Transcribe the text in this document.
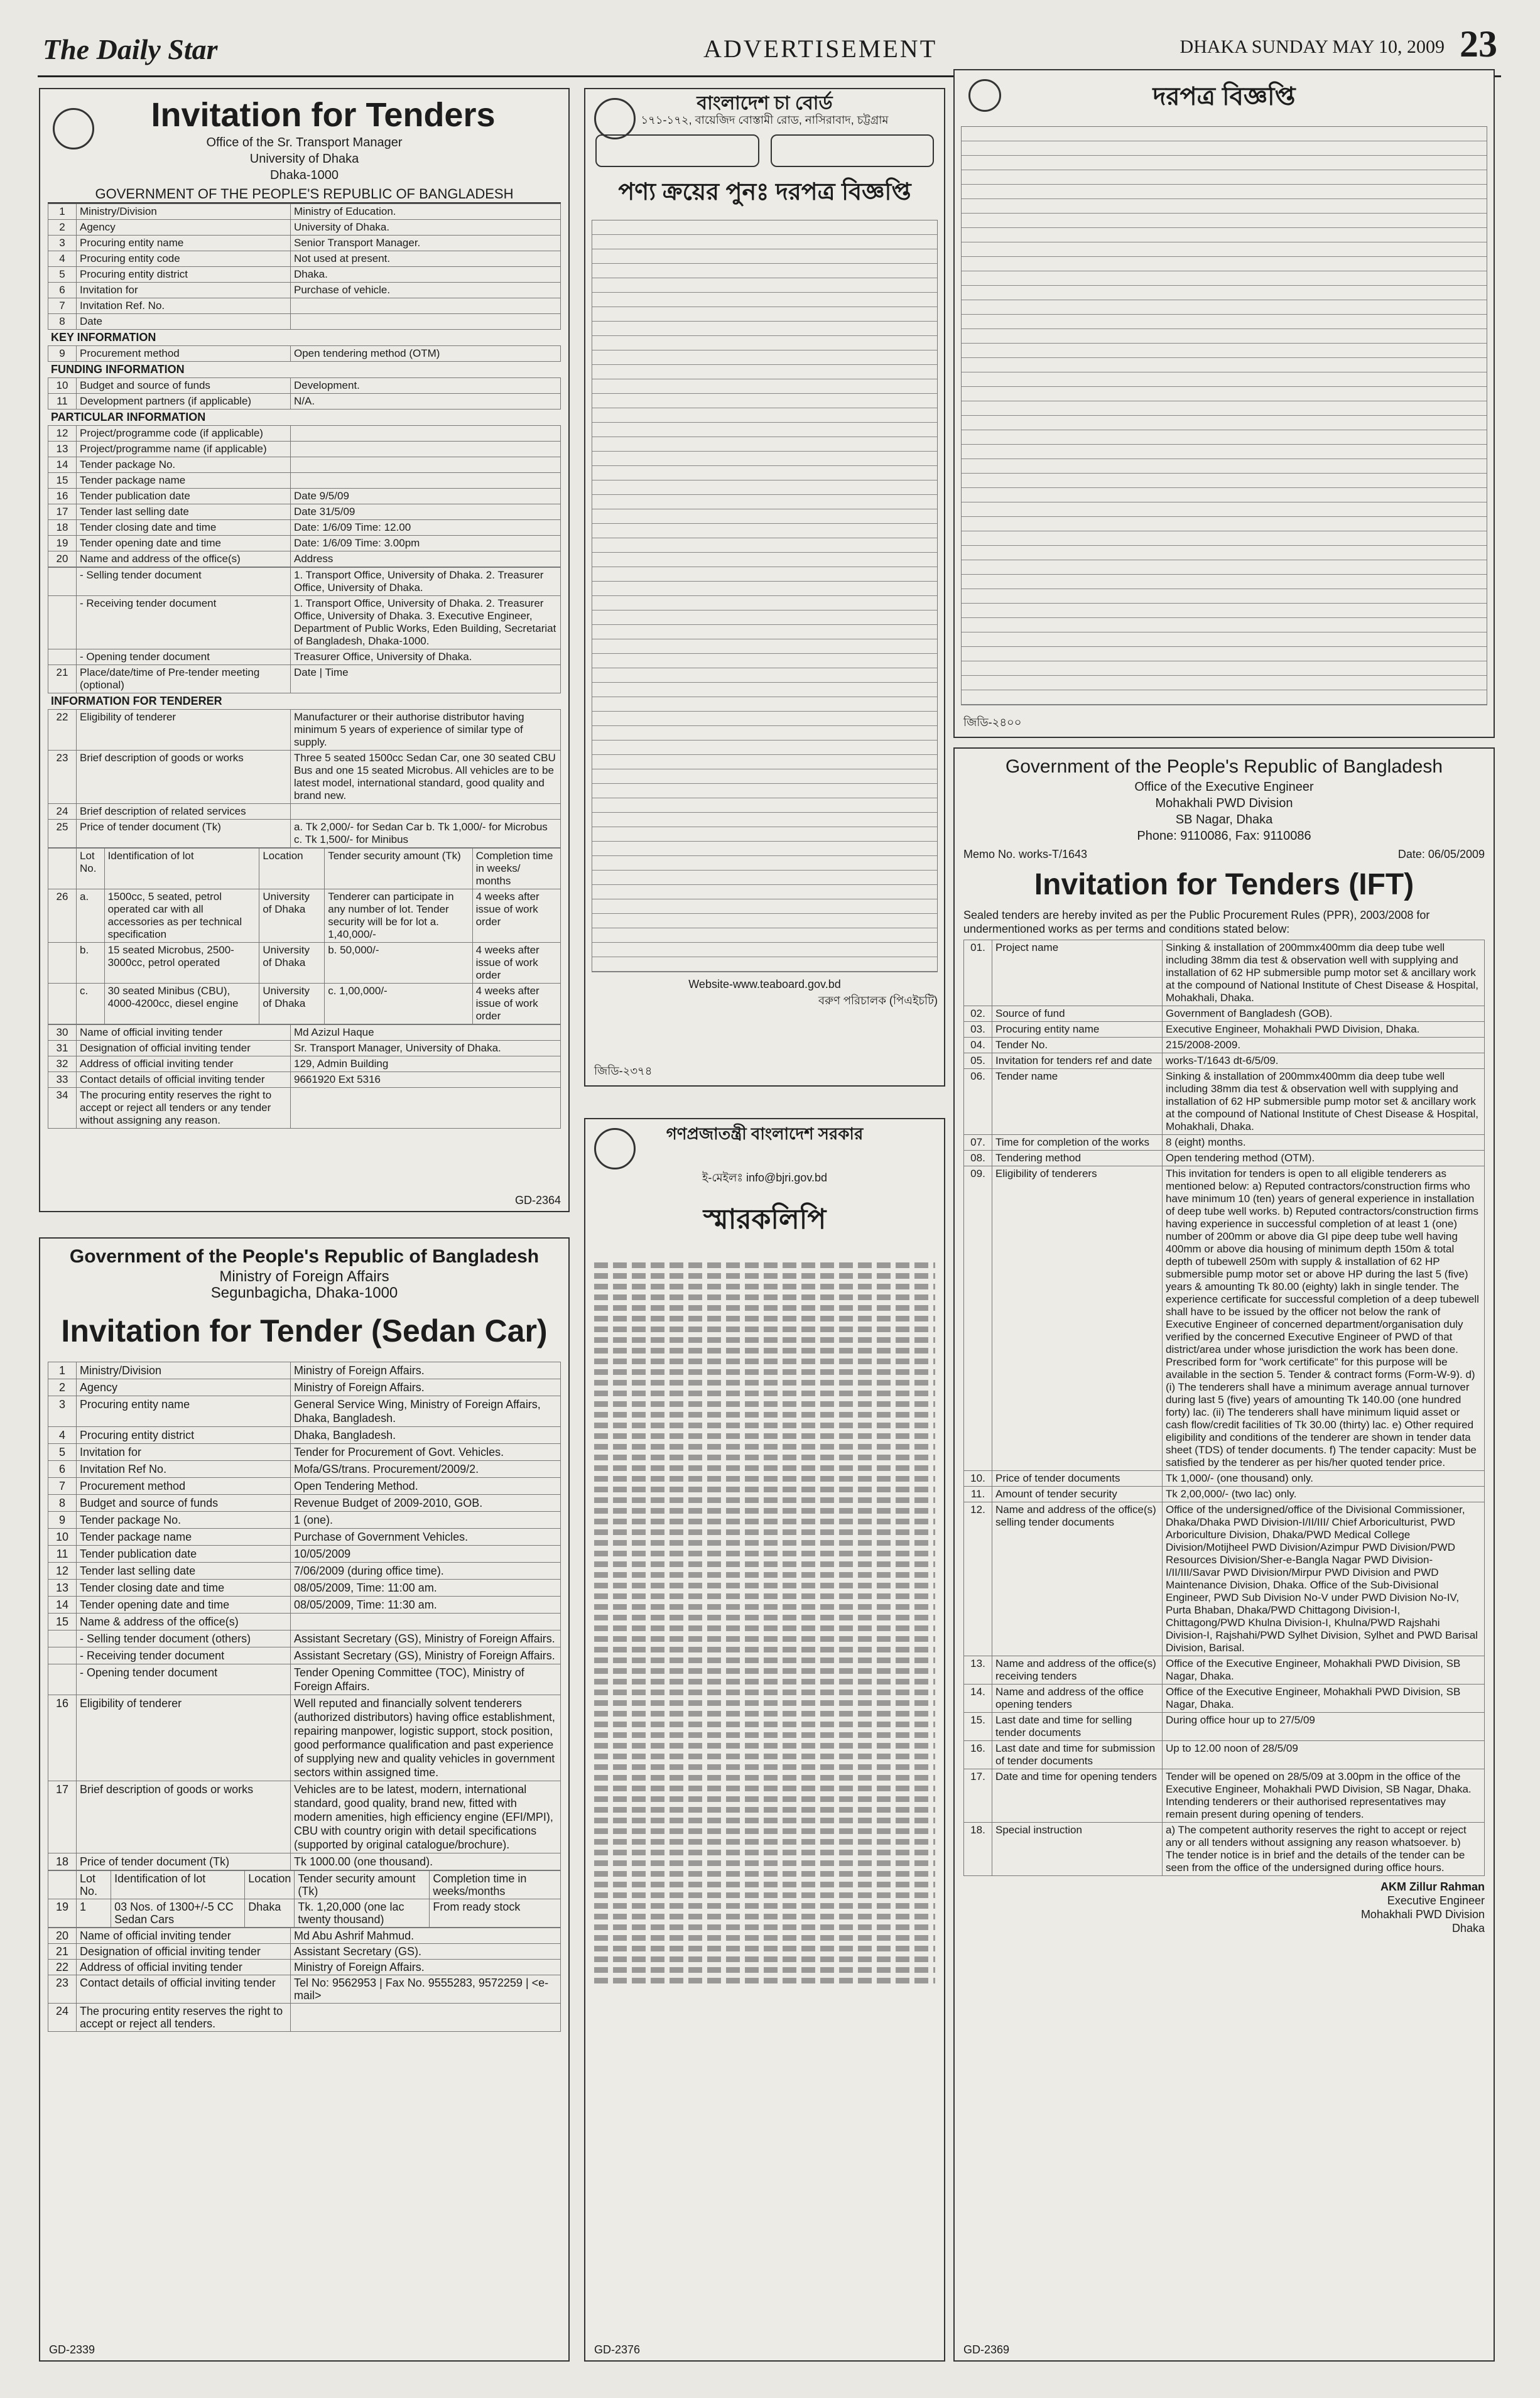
The Daily Star	ADVERTISEMENT	DHAKA SUNDAY MAY 10, 2009 23
Invitation for Tenders
Office of the Sr. Transport Manager
University of Dhaka
Dhaka-1000
GOVERNMENT OF THE PEOPLE'S REPUBLIC OF BANGLADESH
1	Ministry/Division	Ministry of Education.
2	Agency	University of Dhaka.
3	Procuring entity name	Senior Transport Manager.
4	Procuring entity code	Not used at present.
5	Procuring entity district	Dhaka.
6	Invitation for	Purchase of vehicle.
7	Invitation Ref. No.	
8	Date	
KEY INFORMATION
9	Procurement method	Open tendering method (OTM)
FUNDING INFORMATION
10	Budget and source of funds	Development.
11	Development partners (if applicable)	N/A.
PARTICULAR INFORMATION
12	Project/programme code (if applicable)	
13	Project/programme name (if applicable)	
14	Tender package No.	
15	Tender package name	
16	Tender publication date	Date 9/5/09
17	Tender last selling date	Date 31/5/09
18	Tender closing date and time	Date: 1/6/09 Time: 12.00
19	Tender opening date and time	Date: 1/6/09 Time: 3.00pm
20	Name and address of the office(s)	Address
	- Selling tender document	1. Transport Office, University of Dhaka. 2. Treasurer Office, University of Dhaka.
	- Receiving tender document	1. Transport Office, University of Dhaka. 2. Treasurer Office, University of Dhaka. 3. Executive Engineer, Department of Public Works, Eden Building, Secretariat of Bangladesh, Dhaka-1000.
	- Opening tender document	Treasurer Office, University of Dhaka.
21	Place/date/time of Pre-tender meeting (optional)	Date | Time
INFORMATION FOR TENDERER
22	Eligibility of tenderer	Manufacturer or their authorise distributor having minimum 5 years of experience of similar type of supply.
23	Brief description of goods or works	Three 5 seated 1500cc Sedan Car, one 30 seated CBU Bus and one 15 seated Microbus. All vehicles are to be latest model, international standard, good quality and brand new.
24	Brief description of related services	
25	Price of tender document (Tk)	a. Tk 2,000/- for Sedan Car b. Tk 1,000/- for Microbus c. Tk 1,500/- for Minibus
	Lot No.	Identification of lot	Location	Tender security amount (Tk)	Completion time in weeks/ months
26	a.	1500cc, 5 seated, petrol operated car with all accessories as per technical specification	University of Dhaka	Tenderer can participate in any number of lot. Tender security will be for lot a. 1,40,000/-	4 weeks after issue of work order
	b.	15 seated Microbus, 2500-3000cc, petrol operated	University of Dhaka	b. 50,000/-	4 weeks after issue of work order
	c.	30 seated Minibus (CBU), 4000-4200cc, diesel engine	University of Dhaka	c. 1,00,000/-	4 weeks after issue of work order
30	Name of official inviting tender	Md Azizul Haque
31	Designation of official inviting tender	Sr. Transport Manager, University of Dhaka.
32	Address of official inviting tender	129, Admin Building
33	Contact details of official inviting tender	9661920 Ext 5316
34	The procuring entity reserves the right to accept or reject all tenders or any tender without assigning any reason.	
GD-2364
Government of the People's Republic of Bangladesh
Ministry of Foreign Affairs
Segunbagicha, Dhaka-1000
Invitation for Tender (Sedan Car)
1	Ministry/Division	Ministry of Foreign Affairs.
2	Agency	Ministry of Foreign Affairs.
3	Procuring entity name	General Service Wing, Ministry of Foreign Affairs, Dhaka, Bangladesh.
4	Procuring entity district	Dhaka, Bangladesh.
5	Invitation for	Tender for Procurement of Govt. Vehicles.
6	Invitation Ref No.	Mofa/GS/trans. Procurement/2009/2.
7	Procurement method	Open Tendering Method.
8	Budget and source of funds	Revenue Budget of 2009-2010, GOB.
9	Tender package No.	1 (one).
10	Tender package name	Purchase of Government Vehicles.
11	Tender publication date	10/05/2009
12	Tender last selling date	7/06/2009 (during office time).
13	Tender closing date and time	08/05/2009, Time: 11:00 am.
14	Tender opening date and time	08/05/2009, Time: 11:30 am.
15	Name & address of the office(s)	
	- Selling tender document (others)	Assistant Secretary (GS), Ministry of Foreign Affairs.
	- Receiving tender document	Assistant Secretary (GS), Ministry of Foreign Affairs.
	- Opening tender document	Tender Opening Committee (TOC), Ministry of Foreign Affairs.
16	Eligibility of tenderer	Well reputed and financially solvent tenderers (authorized distributors) having office establishment, repairing manpower, logistic support, stock position, good performance qualification and past experience of supplying new and quality vehicles in government sectors within assigned time.
17	Brief description of goods or works	Vehicles are to be latest, modern, international standard, good quality, brand new, fitted with modern amenities, high efficiency engine (EFI/MPI), CBU with country origin with detail specifications (supported by original catalogue/brochure).
18	Price of tender document (Tk)	Tk 1000.00 (one thousand).
	Lot No.	Identification of lot	Location	Tender security amount (Tk)	Completion time in weeks/months
19	1	03 Nos. of 1300+/-5 CC Sedan Cars	Dhaka	Tk. 1,20,000 (one lac twenty thousand)	From ready stock
20	Name of official inviting tender	Md Abu Ashrif Mahmud.
21	Designation of official inviting tender	Assistant Secretary (GS).
22	Address of official inviting tender	Ministry of Foreign Affairs.
23	Contact details of official inviting tender	Tel No: 9562953 | Fax No. 9555283, 9572259 | <e-mail>
24	The procuring entity reserves the right to accept or reject all tenders.	
GD-2339
বাংলাদেশ চা বোর্ড
১৭১-১৭২, বায়েজিদ বোস্তামী রোড, নাসিরাবাদ, চট্টগ্রাম
পণ্য ক্রয়ের পুনঃ দরপত্র বিজ্ঞপ্তি
Website-www.teaboard.gov.bd
বরুণ পরিচালক (পিএইচটি)
জিডি-২৩৭৪
গণপ্রজাতন্ত্রী বাংলাদেশ সরকার
ই-মেইলঃ info@bjri.gov.bd
স্মারকলিপি
GD-2376
দরপত্র বিজ্ঞপ্তি
জিডি-২৪০০
Government of the People's Republic of Bangladesh
Office of the Executive Engineer
Mohakhali PWD Division
SB Nagar, Dhaka
Phone: 9110086, Fax: 9110086
Memo No. works-T/1643	Date: 06/05/2009
Invitation for Tenders (IFT)
Sealed tenders are hereby invited as per the Public Procurement Rules (PPR), 2003/2008 for undermentioned works as per terms and conditions stated below:
01.	Project name	Sinking & installation of 200mmx400mm dia deep tube well including 38mm dia test & observation well with supplying and installation of 62 HP submersible pump motor set & ancillary work at the compound of National Institute of Chest Disease & Hospital, Mohakhali, Dhaka.
02.	Source of fund	Government of Bangladesh (GOB).
03.	Procuring entity name	Executive Engineer, Mohakhali PWD Division, Dhaka.
04.	Tender No.	215/2008-2009.
05.	Invitation for tenders ref and date	works-T/1643 dt-6/5/09.
06.	Tender name	Sinking & installation of 200mmx400mm dia deep tube well including 38mm dia test & observation well with supplying and installation of 62 HP submersible pump motor set & ancillary work at the compound of National Institute of Chest Disease & Hospital, Mohakhali, Dhaka.
07.	Time for completion of the works	8 (eight) months.
08.	Tendering method	Open tendering method (OTM).
09.	Eligibility of tenderers	This invitation for tenders is open to all eligible tenderers as mentioned below: a) Reputed contractors/construction firms who have minimum 10 (ten) years of general experience in installation of deep tube well works. b) Reputed contractors/construction firms having experience in successful completion of at least 1 (one) number of 200mm or above dia GI pipe deep tube well having 400mm or above dia housing of minimum depth 150m & total depth of tubewell 250m with supply & installation of 62 HP submersible pump motor set or above HP during the last 5 (five) years & amounting Tk 80.00 (eighty) lakh in single tender. The experience certificate for successful completion of a deep tubewell shall have to be issued by the officer not below the rank of Executive Engineer of concerned department/organisation duly verified by the concerned Executive Engineer of PWD of that district/area under whose jurisdiction the work has been done. Prescribed form for "work certificate" for this purpose will be available in the section 5. Tender & contract forms (Form-W-9). d) (i) The tenderers shall have a minimum average annual turnover during last 5 (five) years of amounting Tk 140.00 (one hundred forty) lac. (ii) The tenderers shall have minimum liquid asset or cash flow/credit facilities of Tk 30.00 (thirty) lac. e) Other required eligibility and conditions of the tenderer are shown in tender data sheet (TDS) of tender documents. f) The tender capacity: Must be satisfied by the tenderer as per his/her quoted tender price.
10.	Price of tender documents	Tk 1,000/- (one thousand) only.
11.	Amount of tender security	Tk 2,00,000/- (two lac) only.
12.	Name and address of the office(s) selling tender documents	Office of the undersigned/office of the Divisional Commissioner, Dhaka/Dhaka PWD Division-I/II/III/ Chief Arboriculturist, PWD Arboriculture Division, Dhaka/PWD Medical College Division/Motijheel PWD Division/Azimpur PWD Division/PWD Resources Division/Sher-e-Bangla Nagar PWD Division-I/II/III/Savar PWD Division/Mirpur PWD Division and PWD Maintenance Division, Dhaka. Office of the Sub-Divisional Engineer, PWD Sub Division No-V under PWD Division No-IV, Purta Bhaban, Dhaka/PWD Chittagong Division-I, Chittagong/PWD Khulna Division-I, Khulna/PWD Rajshahi Division-I, Rajshahi/PWD Sylhet Division, Sylhet and PWD Barisal Division, Barisal.
13.	Name and address of the office(s) receiving tenders	Office of the Executive Engineer, Mohakhali PWD Division, SB Nagar, Dhaka.
14.	Name and address of the office opening tenders	Office of the Executive Engineer, Mohakhali PWD Division, SB Nagar, Dhaka.
15.	Last date and time for selling tender documents	During office hour up to 27/5/09
16.	Last date and time for submission of tender documents	Up to 12.00 noon of 28/5/09
17.	Date and time for opening tenders	Tender will be opened on 28/5/09 at 3.00pm in the office of the Executive Engineer, Mohakhali PWD Division, SB Nagar, Dhaka. Intending tenderers or their authorised representatives may remain present during opening of tenders.
18.	Special instruction	a) The competent authority reserves the right to accept or reject any or all tenders without assigning any reason whatsoever. b) The tender notice is in brief and the details of the tender can be seen from the office of the undersigned during office hours.
AKM Zillur Rahman
Executive Engineer
Mohakhali PWD Division
Dhaka
GD-2369
